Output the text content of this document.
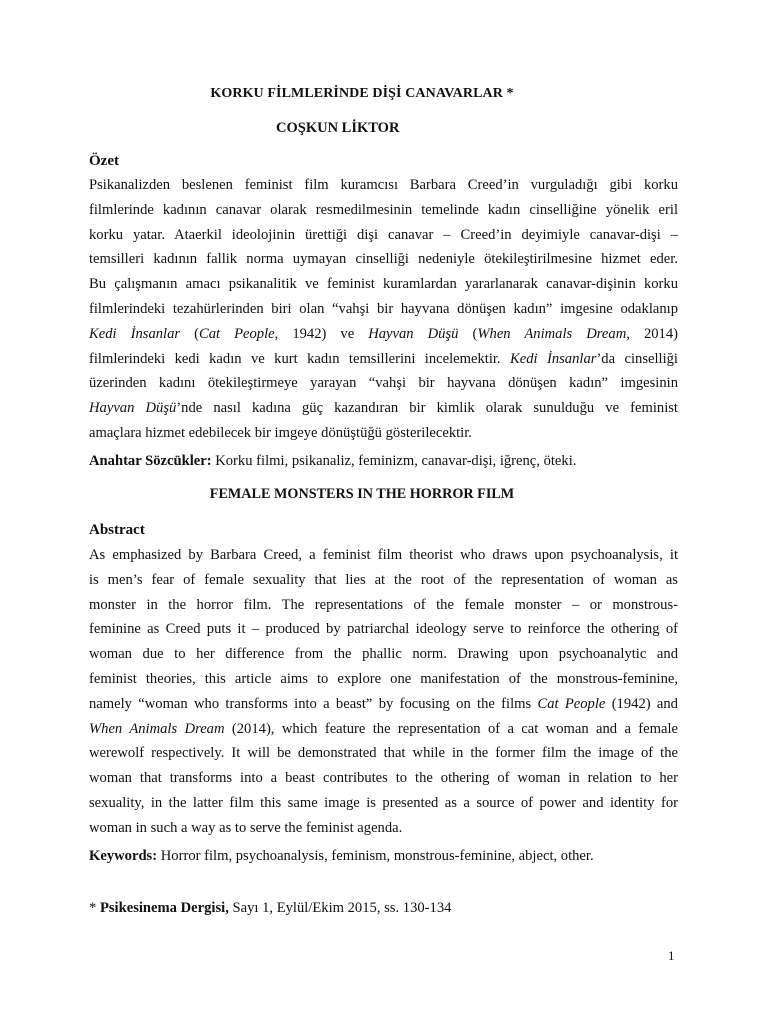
KORKU FİLMLERİNDE DİŞİ CANAVARLAR *
COŞKUN LİKTOR
Özet
Psikanalizden beslenen feminist film kuramcısı Barbara Creed’in vurguladığı gibi korku
filmlerinde kadının canavar olarak resmedilmesinin temelinde kadın cinselliğine yönelik eril
korku yatar. Ataerkil ideolojinin ürettiği dişi canavar – Creed’in deyimiyle canavar-dişi –
temsilleri kadının fallik norma uymayan cinselliği nedeniyle ötekileştirilmesine hizmet eder.
Bu çalışmanın amacı psikanalitik ve feminist kuramlardan yararlanarak canavar-dişinin korku
filmlerindeki tezahürlerinden biri olan “vahşi bir hayvana dönüşen kadın” imgesine odaklanıp
Kedi İnsanlar (Cat People, 1942) ve Hayvan Düşü (When Animals Dream, 2014)
filmlerindeki kedi kadın ve kurt kadın temsillerini incelemektir. Kedi İnsanlar’da cinselliği
üzerinden kadını ötekileştirmeye yarayan “vahşi bir hayvana dönüşen kadın” imgesinin
Hayvan Düşü’nde nasıl kadına güç kazandıran bir kimlik olarak sunulduğu ve feminist
amaçlara hizmet edebilecek bir imgeye dönüştüğü gösterilecektir.
Anahtar Sözcükler: Korku filmi, psikanaliz, feminizm, canavar-dişi, iğrenç, öteki.
FEMALE MONSTERS IN THE HORROR FILM
Abstract
As emphasized by Barbara Creed, a feminist film theorist who draws upon psychoanalysis, it
is men’s fear of female sexuality that lies at the root of the representation of woman as
monster in the horror film. The representations of the female monster – or monstrous-
feminine as Creed puts it – produced by patriarchal ideology serve to reinforce the othering of
woman due to her difference from the phallic norm. Drawing upon psychoanalytic and
feminist theories, this article aims to explore one manifestation of the monstrous-feminine,
namely “woman who transforms into a beast” by focusing on the films Cat People (1942) and
When Animals Dream (2014), which feature the representation of a cat woman and a female
werewolf respectively. It will be demonstrated that while in the former film the image of the
woman that transforms into a beast contributes to the othering of woman in relation to her
sexuality, in the latter film this same image is presented as a source of power and identity for
woman in such a way as to serve the feminist agenda.
Keywords: Horror film, psychoanalysis, feminism, monstrous-feminine, abject, other.
* Psikesinema Dergisi, Sayı 1, Eylül/Ekim 2015, ss. 130-134
1
